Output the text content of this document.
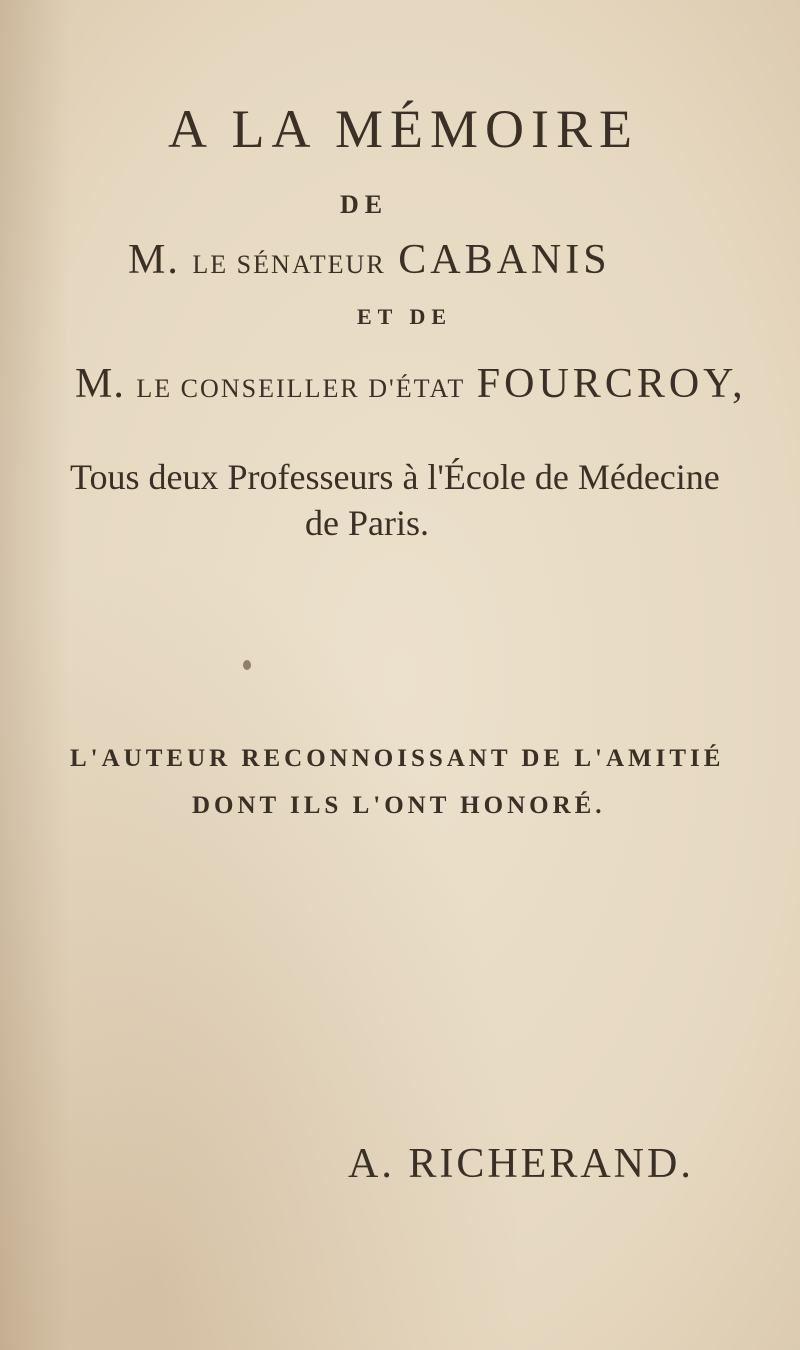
A LA MÉMOIRE
DE
M. LE SÉNATEUR CABANIS
ET DE
M. LE CONSEILLER D'ÉTAT FOURCROY,
Tous deux Professeurs à l'École de Médecine
de Paris.
L'AUTEUR RECONNOISSANT DE L'AMITIÉ
DONT ILS L'ONT HONORÉ.
A. RICHERAND.
